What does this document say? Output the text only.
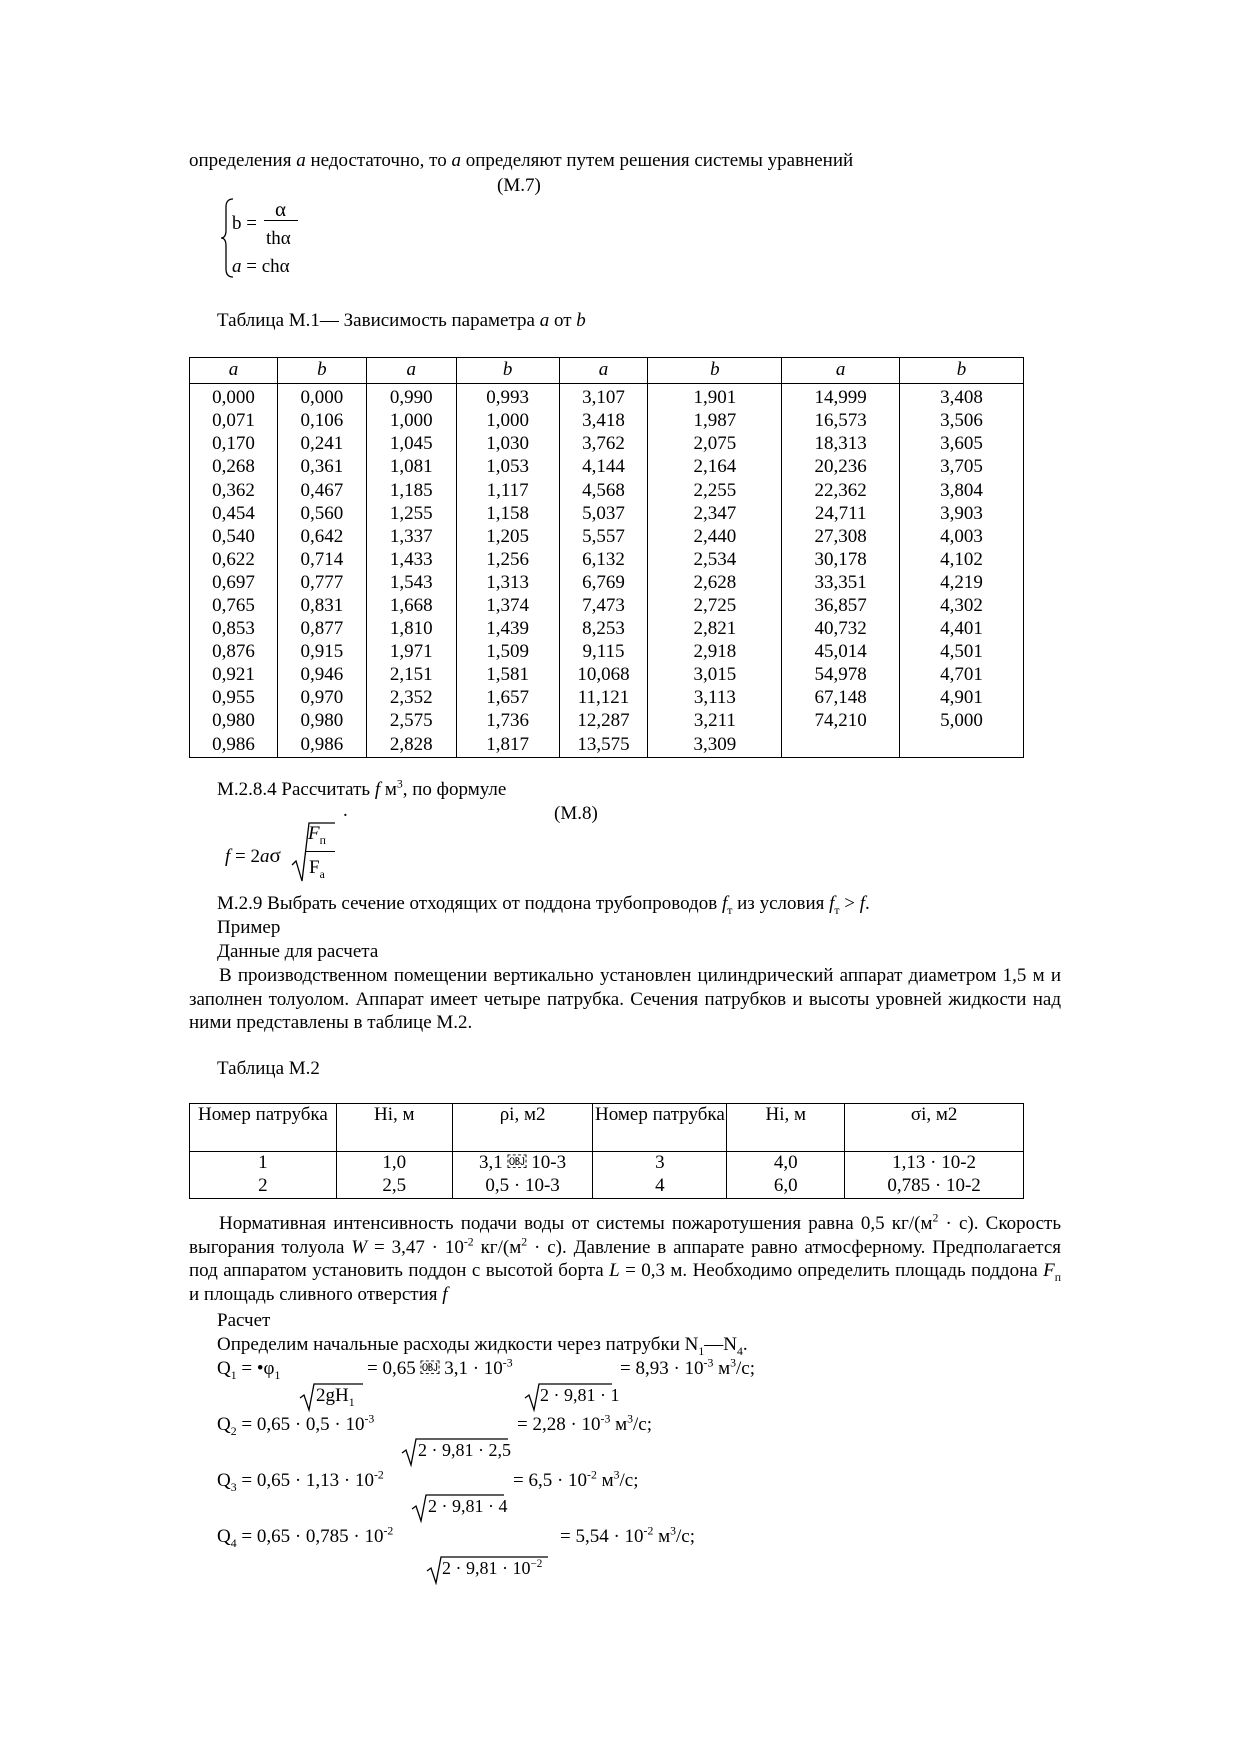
определения a недостаточно, то a определяют путем решения системы уравнений
(М.7)
b =
α
thα
a = chα
Таблица М.1— Зависимость параметра a от b
a	b	a	b	a	b	a	b
0,000	0,000	0,990	0,993	3,107	1,901	14,999	3,408
0,071	0,106	1,000	1,000	3,418	1,987	16,573	3,506
0,170	0,241	1,045	1,030	3,762	2,075	18,313	3,605
0,268	0,361	1,081	1,053	4,144	2,164	20,236	3,705
0,362	0,467	1,185	1,117	4,568	2,255	22,362	3,804
0,454	0,560	1,255	1,158	5,037	2,347	24,711	3,903
0,540	0,642	1,337	1,205	5,557	2,440	27,308	4,003
0,622	0,714	1,433	1,256	6,132	2,534	30,178	4,102
0,697	0,777	1,543	1,313	6,769	2,628	33,351	4,219
0,765	0,831	1,668	1,374	7,473	2,725	36,857	4,302
0,853	0,877	1,810	1,439	8,253	2,821	40,732	4,401
0,876	0,915	1,971	1,509	9,115	2,918	45,014	4,501
0,921	0,946	2,151	1,581	10,068	3,015	54,978	4,701
0,955	0,970	2,352	1,657	11,121	3,113	67,148	4,901
0,980	0,980	2,575	1,736	12,287	3,211	74,210	5,000
0,986	0,986	2,828	1,817	13,575	3,309		
М.2.8.4 Рассчитать f $м^3$, по формуле
.	(М.8)
f = 2aσ
$F_п$
$F_a$
М.2.9 Выбрать сечение отходящих от поддона трубопроводов $f_т$ из условия $f_т > f$.
Пример
Данные для расчета
В производственном помещении вертикально установлен цилиндрический аппарат диаметром 1,5 м и заполнен толуолом. Аппарат имеет четыре патрубка. Сечения патрубков и высоты уровней жидкости над ними представлены в таблице М.2.
Таблица М.2
Номер патрубка	Hi, м	ρi, м2	Номер патрубка	Hi, м	σi, м2
1	1,0	3,1 ￼ 10-3	3	4,0	1,13 · 10-2
2	2,5	0,5 · 10-3	4	6,0	0,785 · 10-2
Нормативная интенсивность подачи воды от системы пожаротушения равна 0,5 $кг/(м^2 \cdot с)$. Скорость выгорания толуола $W = 3,47 \cdot 10^{-2}$ $кг/(м^2 \cdot с)$. Давление в аппарате равно атмосферному. Предполагается под аппаратом установить поддон с высотой борта L = 0,3 м. Необходимо определить площадь поддона $F_п$ и площадь сливного отверстия f
Расчет
Определим начальные расходы жидкости через патрубки $N_1—N_4$.
$Q_1$ = $•\varphi_1$	= 0,65 ￼ $3,1 \cdot 10^{-3}$	= $8,93 \cdot 10^{-3}$ $м^3/с$;
$2gH_1$	2 · 9,81 · 1
$Q_2 = 0,65 \cdot 0,5 \cdot 10^{-3}$	= $2,28 \cdot 10^{-3}$ $м^3/с$;
2 · 9,81 · 2,5
$Q_3 = 0,65 \cdot 1,13 \cdot 10^{-2}$	= $6,5 \cdot 10^{-2}$ $м^3/с$;
2 · 9,81 · 4
$Q_4 = 0,65 \cdot 0,785 \cdot 10^{-2}$	= $5,54 \cdot 10^{-2}$ $м^3/с$;
$2 \cdot 9,81 \cdot 10^{-2}$
